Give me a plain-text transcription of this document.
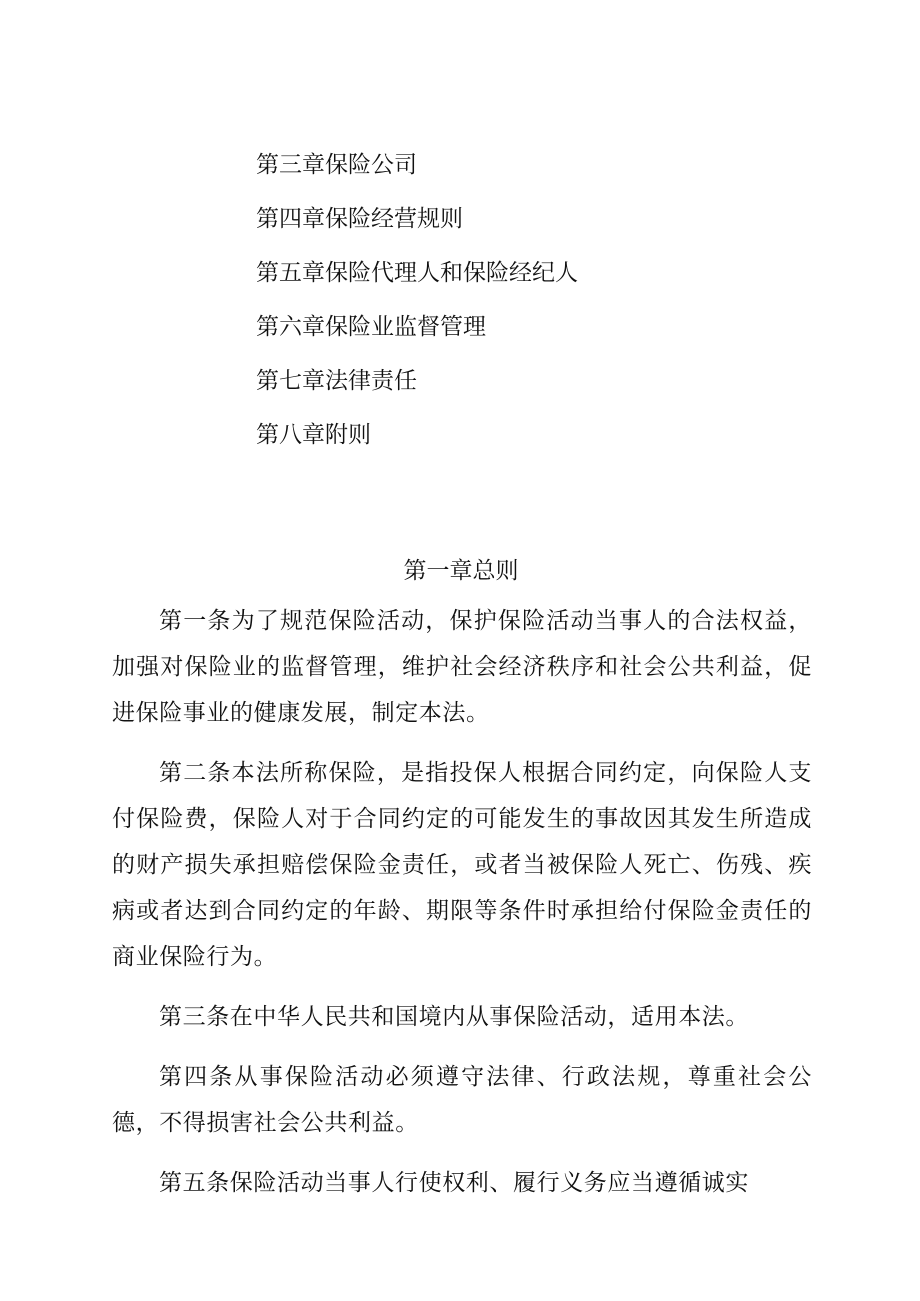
第三章保险公司
第四章保险经营规则
第五章保险代理人和保险经纪人
第六章保险业监督管理
第七章法律责任
第八章附则
第一章总则

第一条为了规范保险活动，保护保险活动当事人的合法权益，加强对保险业的监督管理，维护社会经济秩序和社会公共利益，促进保险事业的健康发展，制定本法。

第二条本法所称保险，是指投保人根据合同约定，向保险人支付保险费，保险人对于合同约定的可能发生的事故因其发生所造成的财产损失承担赔偿保险金责任，或者当被保险人死亡、伤残、疾病或者达到合同约定的年龄、期限等条件时承担给付保险金责任的商业保险行为。

第三条在中华人民共和国境内从事保险活动，适用本法。

第四条从事保险活动必须遵守法律、行政法规，尊重社会公德，不得损害社会公共利益。

第五条保险活动当事人行使权利、履行义务应当遵循诚实
